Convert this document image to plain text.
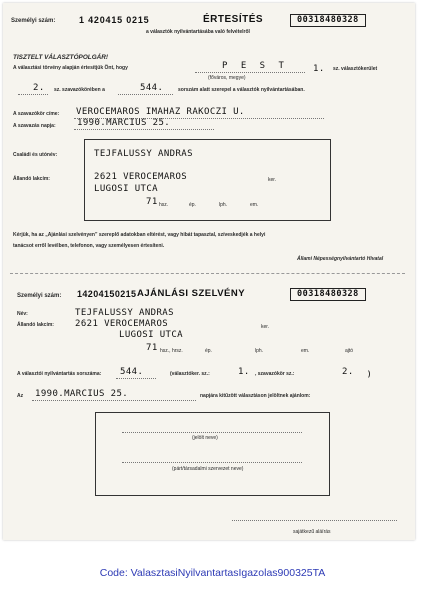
Személyi szám:	1 420415 0215	ÉRTESÍTÉS
a választók nyilvántartásába való felvételről
00318480328
TISZTELT VÁLASZTÓPOLGÁR!
A választási törvény alapján értesítjük Önt, hogy	P E S T
(főváros, megye)
1. sz. választókerület
2. sz. szavazókörében a	544.	sorszám alatt szerepel a választók nyilvántartásában.
A szavazókör címe: VEROCEMAROS IMAHAZ RAKOCZI U.
A szavazás napja: 1990.MARCIUS 25.
Családi és utónév:	TEJFALUSSY ANDRAS
Állandó lakcím:	2621 VEROCEMAROS	ker.
LUGOSI UTCA
71 hsz.	ép.	lph.	em.
Kérjük, ha az „Ajánlási szelvényen” szereplő adatokban eltérést, vagy hibát tapasztal, szíveskedjék a helyi
tanácsot erről levélben, telefonon, vagy személyesen értesíteni.
Állami Népességnyilvántartó Hivatal
Személyi szám: 14204150215 AJÁNLÁSI SZELVÉNY	00318480328
Név:	TEJFALUSSY ANDRAS
Állandó lakcím: 2621 VEROCEMAROS	ker.
LUGOSI UTCA
71 hsz., hrsz.	ép.	lph.	em.	ajtó
A választói nyilvántartás sorszáma: 544.	(választóker. sz.:	1. , szavazókör sz.:	2. )
Az 1990.MARCIUS 25.	napjára kitűzött választáson jelöltnek ajánlom:
(jelölt neve)
(párt/társadalmi szervezet neve)
sajátkezű aláírás
Code: ValasztasiNyilvantartasIgazolas900325TA
